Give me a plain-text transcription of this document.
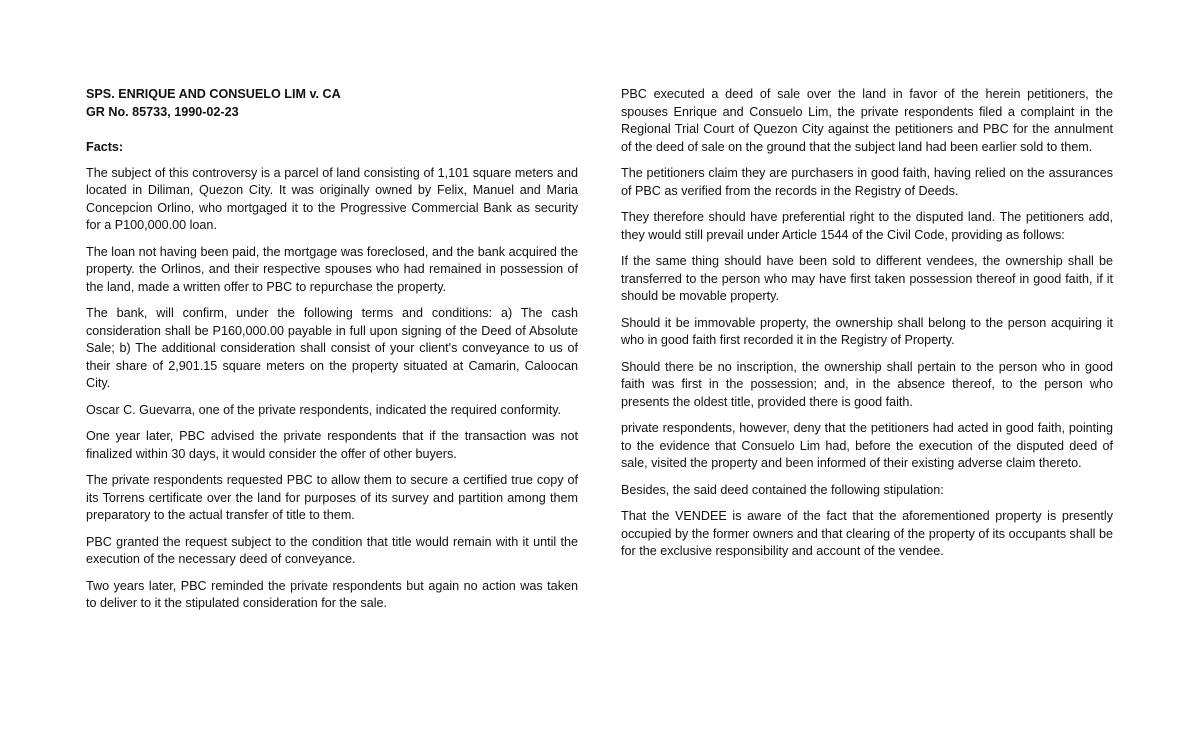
SPS. ENRIQUE AND CONSUELO LIM v. CA

GR No. 85733, 1990-02-23

Facts:

The subject of this controversy is a parcel of land consisting of 1,101 square meters and located in Diliman, Quezon City. It was originally owned by Felix, Manuel and Maria Concepcion Orlino, who mortgaged it to the Progressive Commercial Bank as security for a P100,000.00 loan.

The loan not having been paid, the mortgage was foreclosed, and the bank acquired the property. the Orlinos, and their respective spouses who had remained in possession of the land, made a written offer to PBC to repurchase the property.

The bank, will confirm, under the following terms and conditions: a) The cash consideration shall be P160,000.00 payable in full upon signing of the Deed of Absolute Sale; b) The additional consideration shall consist of your client's conveyance to us of their share of 2,901.15 square meters on the property situated at Camarin, Caloocan City.

Oscar C. Guevarra, one of the private respondents, indicated the required conformity.

One year later, PBC advised the private respondents that if the transaction was not finalized within 30 days, it would consider the offer of other buyers.

The private respondents requested PBC to allow them to secure a certified true copy of its Torrens certificate over the land for purposes of its survey and partition among them preparatory to the actual transfer of title to them.

PBC granted the request subject to the condition that title would remain with it until the execution of the necessary deed of conveyance.

Two years later, PBC reminded the private respondents but again no action was taken to deliver to it the stipulated consideration for the sale.

PBC executed a deed of sale over the land in favor of the herein petitioners, the spouses Enrique and Consuelo Lim, the private respondents filed a complaint in the Regional Trial Court of Quezon City against the petitioners and PBC for the annulment of the deed of sale on the ground that the subject land had been earlier sold to them.

The petitioners claim they are purchasers in good faith, having relied on the assurances of PBC as verified from the records in the Registry of Deeds.

They therefore should have preferential right to the disputed land. The petitioners add, they would still prevail under Article 1544 of the Civil Code, providing as follows:

If the same thing should have been sold to different vendees, the ownership shall be transferred to the person who may have first taken possession thereof in good faith, if it should be movable property.

Should it be immovable property, the ownership shall belong to the person acquiring it who in good faith first recorded it in the Registry of Property.

Should there be no inscription, the ownership shall pertain to the person who in good faith was first in the possession; and, in the absence thereof, to the person who presents the oldest title, provided there is good faith.

private respondents, however, deny that the petitioners had acted in good faith, pointing to the evidence that Consuelo Lim had, before the execution of the disputed deed of sale, visited the property and been informed of their existing adverse claim thereto.

Besides, the said deed contained the following stipulation:

That the VENDEE is aware of the fact that the aforementioned property is presently occupied by the former owners and that clearing of the property of its occupants shall be for the exclusive responsibility and account of the vendee.
